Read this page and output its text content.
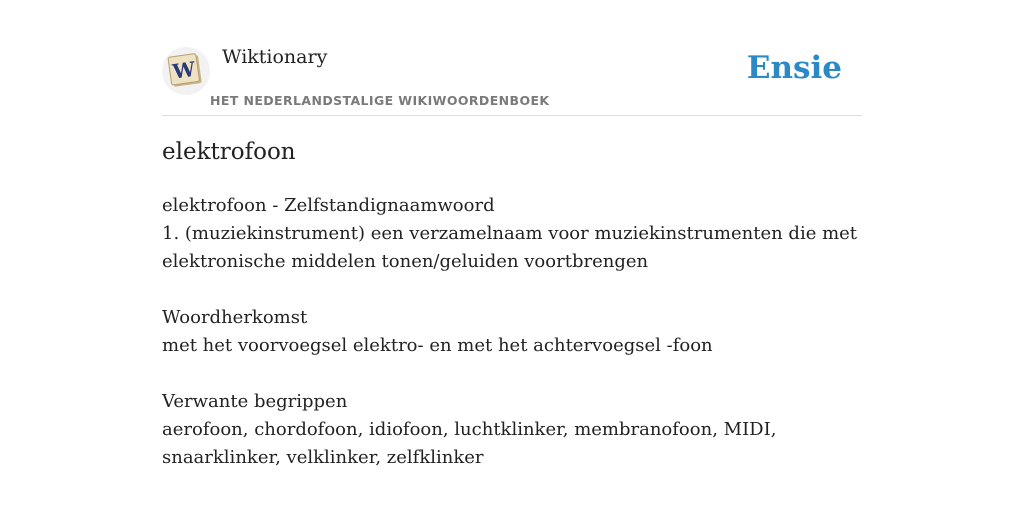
W Wiktionary
HET NEDERLANDSTALIGE WIKIWOORDENBOEK
Ensie
elektrofoon
elektrofoon - Zelfstandignaamwoord
1. (muziekinstrument) een verzamelnaam voor muziekinstrumenten die met
elektronische middelen tonen/geluiden voortbrengen
Woordherkomst
met het voorvoegsel elektro- en met het achtervoegsel -foon
Verwante begrippen
aerofoon, chordofoon, idiofoon, luchtklinker, membranofoon, MIDI,
snaarklinker, velklinker, zelfklinker
